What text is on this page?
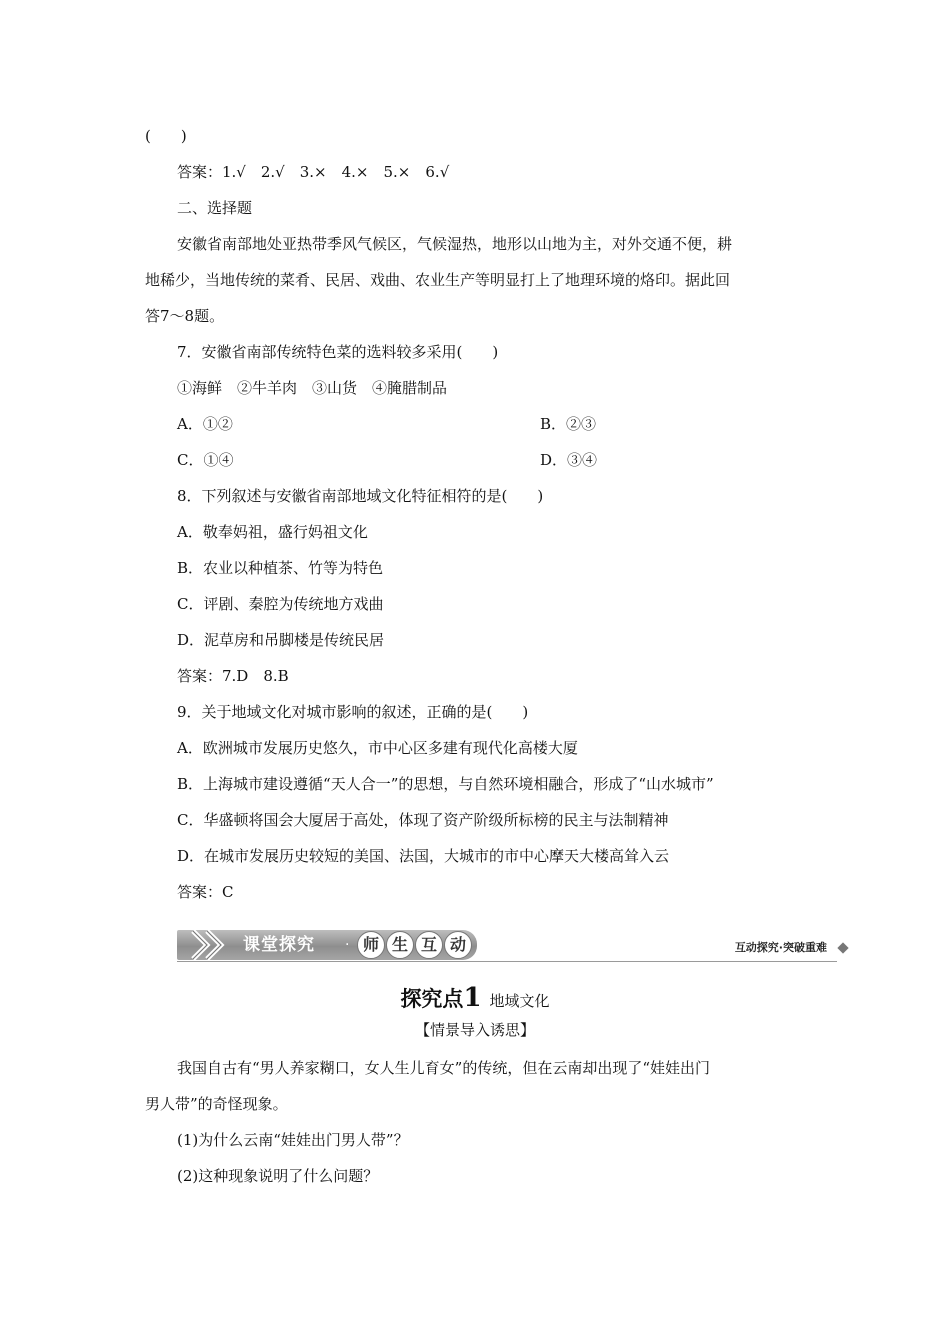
(　　)
答案：1.√　2.√　3.×　4.×　5.×　6.√
二、选择题
安徽省南部地处亚热带季风气候区，气候湿热，地形以山地为主，对外交通不便，耕
地稀少，当地传统的菜肴、民居、戏曲、农业生产等明显打上了地理环境的烙印。据此回
答7～8题。
7．安徽省南部传统特色菜的选料较多采用(　　)
①海鲜　②牛羊肉　③山货　④腌腊制品
A．①②	B．②③
C．①④	D．③④
8．下列叙述与安徽省南部地域文化特征相符的是(　　)
A．敬奉妈祖，盛行妈祖文化
B．农业以种植茶、竹等为特色
C．评剧、秦腔为传统地方戏曲
D．泥草房和吊脚楼是传统民居
答案：7.D　8.B
9．关于地域文化对城市影响的叙述，正确的是(　　)
A．欧洲城市发展历史悠久，市中心区多建有现代化高楼大厦
B．上海城市建设遵循“天人合一”的思想，与自然环境相融合，形成了“山水城市”
C．华盛顿将国会大厦居于高处，体现了资产阶级所标榜的民主与法制精神
D．在城市发展历史较短的美国、法国，大城市的市中心摩天大楼高耸入云
答案：C
课堂探究 · 师 生 互 动	互动探究·突破重难
探究点1 地域文化
【情景导入诱思】
我国自古有“男人养家糊口，女人生儿育女”的传统，但在云南却出现了“娃娃出门
男人带”的奇怪现象。
(1)为什么云南“娃娃出门男人带”？
(2)这种现象说明了什么问题？
